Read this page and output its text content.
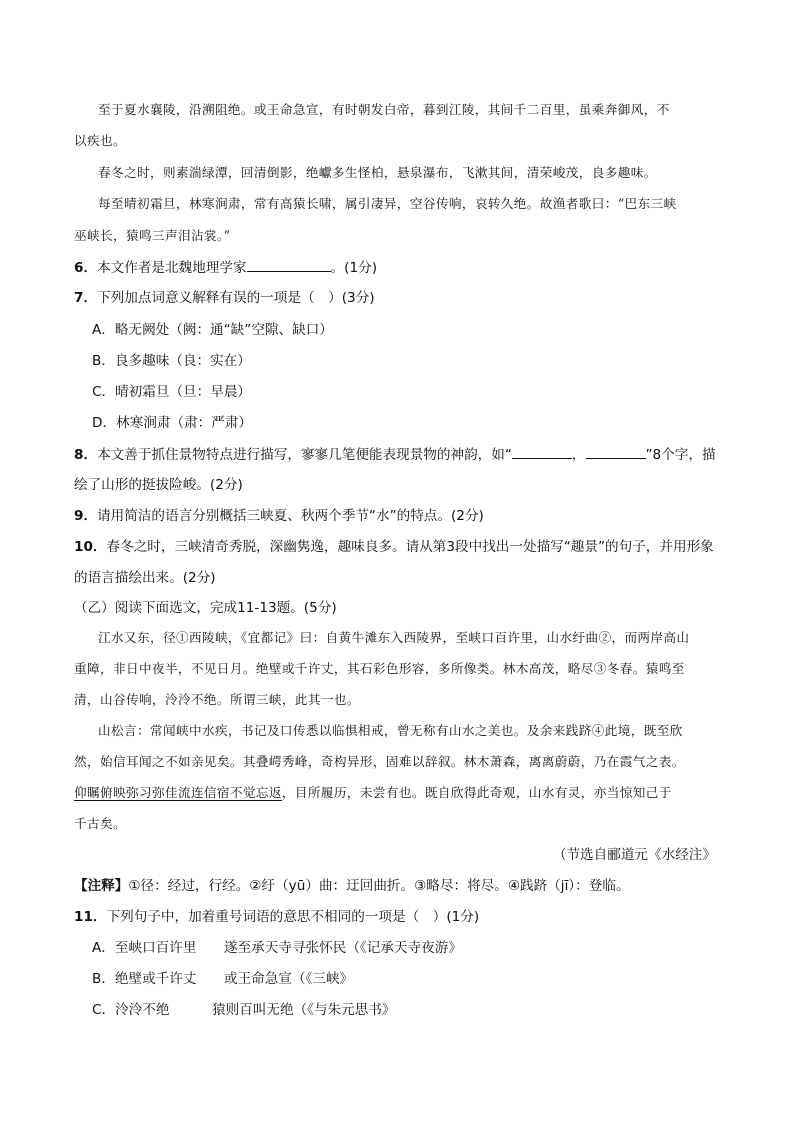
至于夏水襄陵，沿溯阻绝。或王命急宣，有时朝发白帝，暮到江陵，其间千二百里，虽乘奔御风，不
以疾也。
春冬之时，则素湍绿潭，回清倒影，绝巘多生怪柏，悬泉瀑布，飞漱其间，清荣峻茂，良多趣味。
每至晴初霜旦，林寒涧肃，常有高猿长啸，属引凄异，空谷传响，哀转久绝。故渔者歌曰：“巴东三峡
巫峡长，猿鸣三声泪沾裳。”
6．本文作者是北魏地理学家	。(1分)
7．下列加点词意义解释有误的一项是（　）(3分)
A．略无阙处（阙：通“缺”空隙、缺口）
B．良多趣味（良：实在）
C．晴初霜旦（旦：早晨）
D．林寒涧肃（肃：严肃）
8．本文善于抓住景物特点进行描写，寥寥几笔便能表现景物的神韵，如“	，	”8个字，描
绘了山形的挺拔险峻。(2分)
9．请用简洁的语言分别概括三峡夏、秋两个季节“水”的特点。(2分)
10．春冬之时，三峡清奇秀脱，深幽隽逸，趣味良多。请从第3段中找出一处描写“趣景”的句子，并用形象
的语言描绘出来。(2分)
（乙）阅读下面选文，完成11-13题。(5分)
江水又东，径①西陵峡，《宜都记》曰：自黄牛滩东入西陵界，至峡口百许里，山水纡曲②，而两岸高山
重障，非日中夜半，不见日月。绝壁或千许丈，其石彩色形容，多所像类。林木高茂，略尽③冬春。猿鸣至
清，山谷传响，泠泠不绝。所谓三峡，此其一也。
山松言：常闻峡中水疾，书记及口传悉以临惧相戒，曾无称有山水之美也。及余来践跻④此境，既至欣
然，始信耳闻之不如亲见矣。其叠崿秀峰，奇构异形，固难以辞叙。林木萧森，离离蔚蔚，乃在霞气之表。
仰瞩俯映弥习弥佳流连信宿不觉忘返，目所履历，未尝有也。既自欣得此奇观，山水有灵，亦当惊知己于
千古矣。
（节选自郦道元《水经注》
【注释】①径：经过，行经。②纡（yū）曲：迂回曲折。③略尽：将尽。④践跻（jī）：登临。
11．下列句子中，加着重号词语的意思不相同的一项是（　）(1分)
A．至峡口百许里 遂至承天寺寻张怀民（《记承天寺夜游》
B．绝壁或千许丈 或王命急宣（《三峡》
C．泠泠不绝	猿则百叫无绝（《与朱元思书》
